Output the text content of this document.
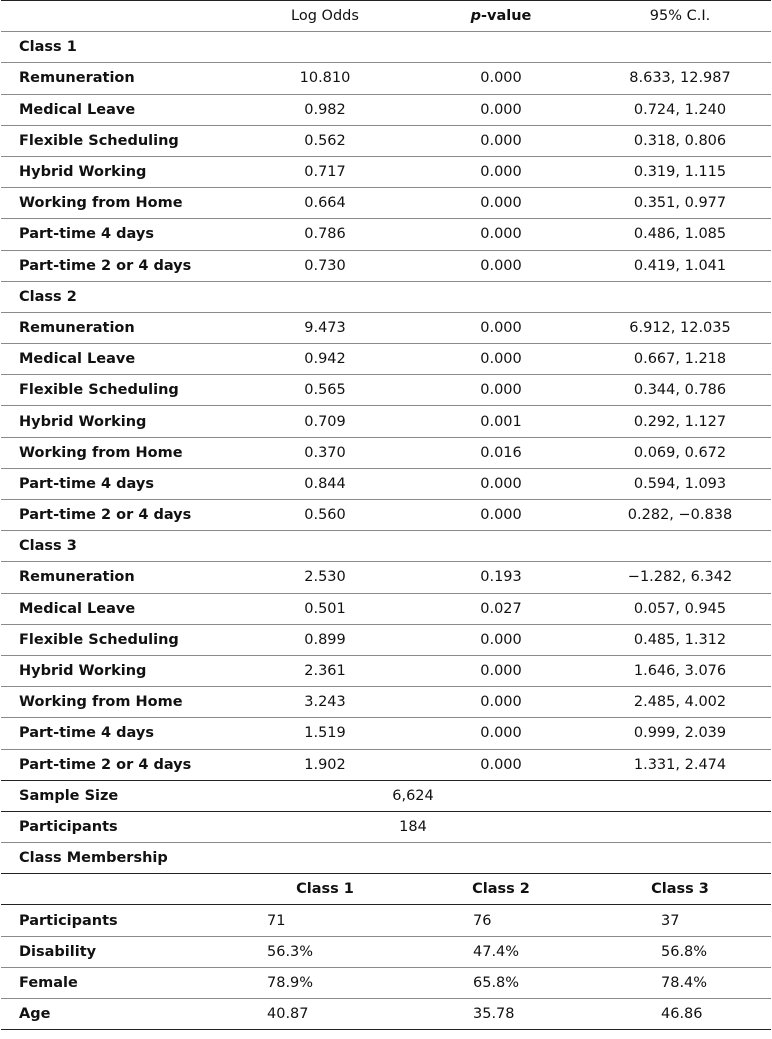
	Log Odds	p-value	95% C.I.
Class 1			
Remuneration	10.810	0.000	8.633, 12.987
Medical Leave	0.982	0.000	0.724, 1.240
Flexible Scheduling	0.562	0.000	0.318, 0.806
Hybrid Working	0.717	0.000	0.319, 1.115
Working from Home	0.664	0.000	0.351, 0.977
Part-time 4 days	0.786	0.000	0.486, 1.085
Part-time 2 or 4 days	0.730	0.000	0.419, 1.041
Class 2			
Remuneration	9.473	0.000	6.912, 12.035
Medical Leave	0.942	0.000	0.667, 1.218
Flexible Scheduling	0.565	0.000	0.344, 0.786
Hybrid Working	0.709	0.001	0.292, 1.127
Working from Home	0.370	0.016	0.069, 0.672
Part-time 4 days	0.844	0.000	0.594, 1.093
Part-time 2 or 4 days	0.560	0.000	0.282, −0.838
Class 3			
Remuneration	2.530	0.193	−1.282, 6.342
Medical Leave	0.501	0.027	0.057, 0.945
Flexible Scheduling	0.899	0.000	0.485, 1.312
Hybrid Working	2.361	0.000	1.646, 3.076
Working from Home	3.243	0.000	2.485, 4.002
Part-time 4 days	1.519	0.000	0.999, 2.039
Part-time 2 or 4 days	1.902	0.000	1.331, 2.474
Sample Size	6,624		
Participants	184		
Class Membership			
	Class 1	Class 2	Class 3
Participants	71	76	37
Disability	56.3%	47.4%	56.8%
Female	78.9%	65.8%	78.4%
Age	40.87	35.78	46.86
